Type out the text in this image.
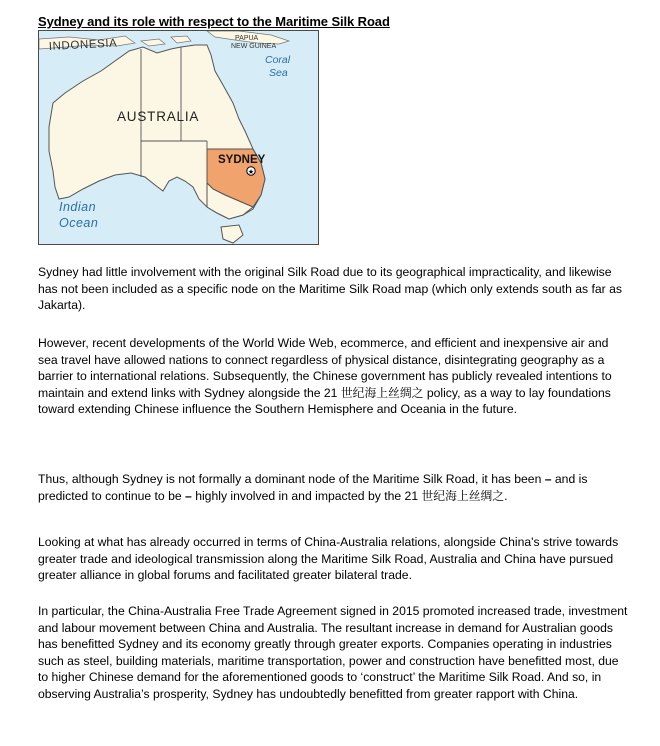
Sydney and its role with respect to the Maritime Silk Road
★
INDONESIA	PAPUA
NEW GUINEA
Coral
Sea
AUSTRALIA
SYDNEY
Indian
Ocean

Sydney had little involvement with the original Silk Road due to its geographical impracticality, and likewise has not been included as a specific node on the Maritime Silk Road map (which only extends south as far as Jakarta).

However, recent developments of the World Wide Web, ecommerce, and efficient and inexpensive air and sea travel have allowed nations to connect regardless of physical distance, disintegrating geography as a barrier to international relations. Subsequently, the Chinese government has publicly revealed intentions to maintain and extend links with Sydney alongside the 21 世纪海上丝绸之 policy, as a way to lay foundations toward extending Chinese influence the Southern Hemisphere and Oceania in the future.

Thus, although Sydney is not formally a dominant node of the Maritime Silk Road, it has been – and is predicted to continue to be – highly involved in and impacted by the 21 世纪海上丝绸之.

Looking at what has already occurred in terms of China-Australia relations, alongside China's strive towards greater trade and ideological transmission along the Maritime Silk Road, Australia and China have pursued greater alliance in global forums and facilitated greater bilateral trade.

In particular, the China-Australia Free Trade Agreement signed in 2015 promoted increased trade, investment and labour movement between China and Australia. The resultant increase in demand for Australian goods has benefitted Sydney and its economy greatly through greater exports. Companies operating in industries such as steel, building materials, maritime transportation, power and construction have benefitted most, due to higher Chinese demand for the aforementioned goods to ‘construct’ the Maritime Silk Road. And so, in observing Australia’s prosperity, Sydney has undoubtedly benefitted from greater rapport with China.
